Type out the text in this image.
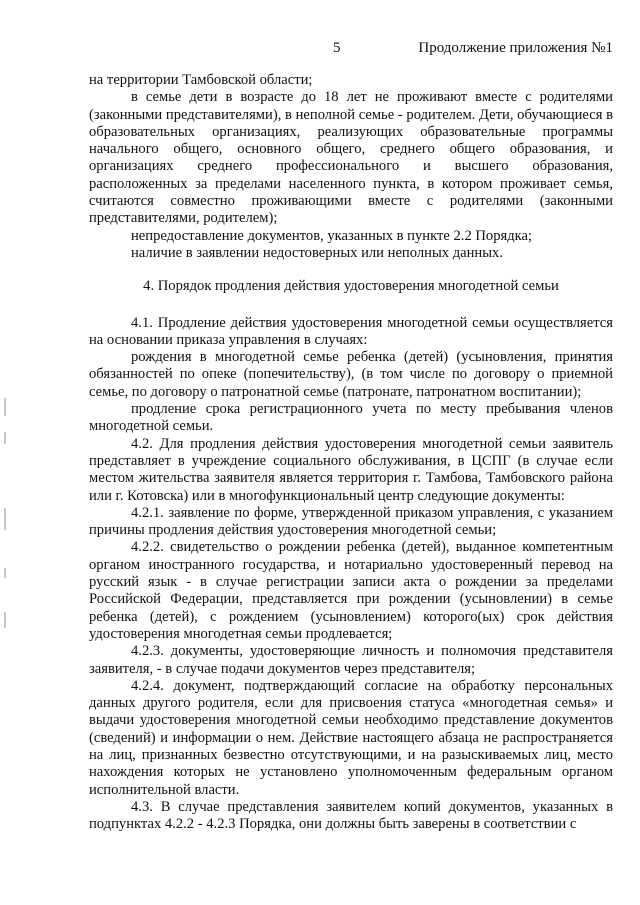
5	Продолжение приложения №1

на территории Тамбовской области;

в семье дети в возрасте до 18 лет не проживают вместе с родителями (законными представителями), в неполной семье - родителем. Дети, обучающиеся в образовательных организациях, реализующих образовательные программы начального общего, основного общего, среднего общего образования, и организациях среднего профессионального и высшего образования, расположенных за пределами населенного пункта, в котором проживает семья, считаются совместно проживающими вместе с родителями (законными представителями, родителем);

непредоставление документов, указанных в пункте 2.2 Порядка;

наличие в заявлении недостоверных или неполных данных.

4. Порядок продления действия удостоверения многодетной семьи

4.1. Продление действия удостоверения многодетной семьи осуществляется на основании приказа управления в случаях:

рождения в многодетной семье ребенка (детей) (усыновления, принятия обязанностей по опеке (попечительству), (в том числе по договору о приемной семье, по договору о патронатной семье (патронате, патронатном воспитании);

продление срока регистрационного учета по месту пребывания членов многодетной семьи.

4.2. Для продления действия удостоверения многодетной семьи заявитель представляет в учреждение социального обслуживания, в ЦСПГ (в случае если местом жительства заявителя является территория г. Тамбова, Тамбовского района или г. Котовска) или в многофункциональный центр следующие документы:

4.2.1. заявление по форме, утвержденной приказом управления, с указанием причины продления действия удостоверения многодетной семьи;

4.2.2. свидетельство о рождении ребенка (детей), выданное компетентным органом иностранного государства, и нотариально удостоверенный перевод на русский язык - в случае регистрации записи акта о рождении за пределами Российской Федерации, представляется при рождении (усыновлении) в семье ребенка (детей), с рождением (усыновлением) которого(ых) срок действия удостоверения многодетная семьи продлевается;

4.2.3. документы, удостоверяющие личность и полномочия представителя заявителя, - в случае подачи документов через представителя;

4.2.4. документ, подтверждающий согласие на обработку персональных данных другого родителя, если для присвоения статуса «многодетная семья» и выдачи удостоверения многодетной семьи необходимо представление документов (сведений) и информации о нем. Действие настоящего абзаца не распространяется на лиц, признанных безвестно отсутствующими, и на разыскиваемых лиц, место нахождения которых не установлено уполномоченным федеральным органом исполнительной власти.

4.3. В случае представления заявителем копий документов, указанных в подпунктах 4.2.2 - 4.2.3 Порядка, они должны быть заверены в соответствии с
